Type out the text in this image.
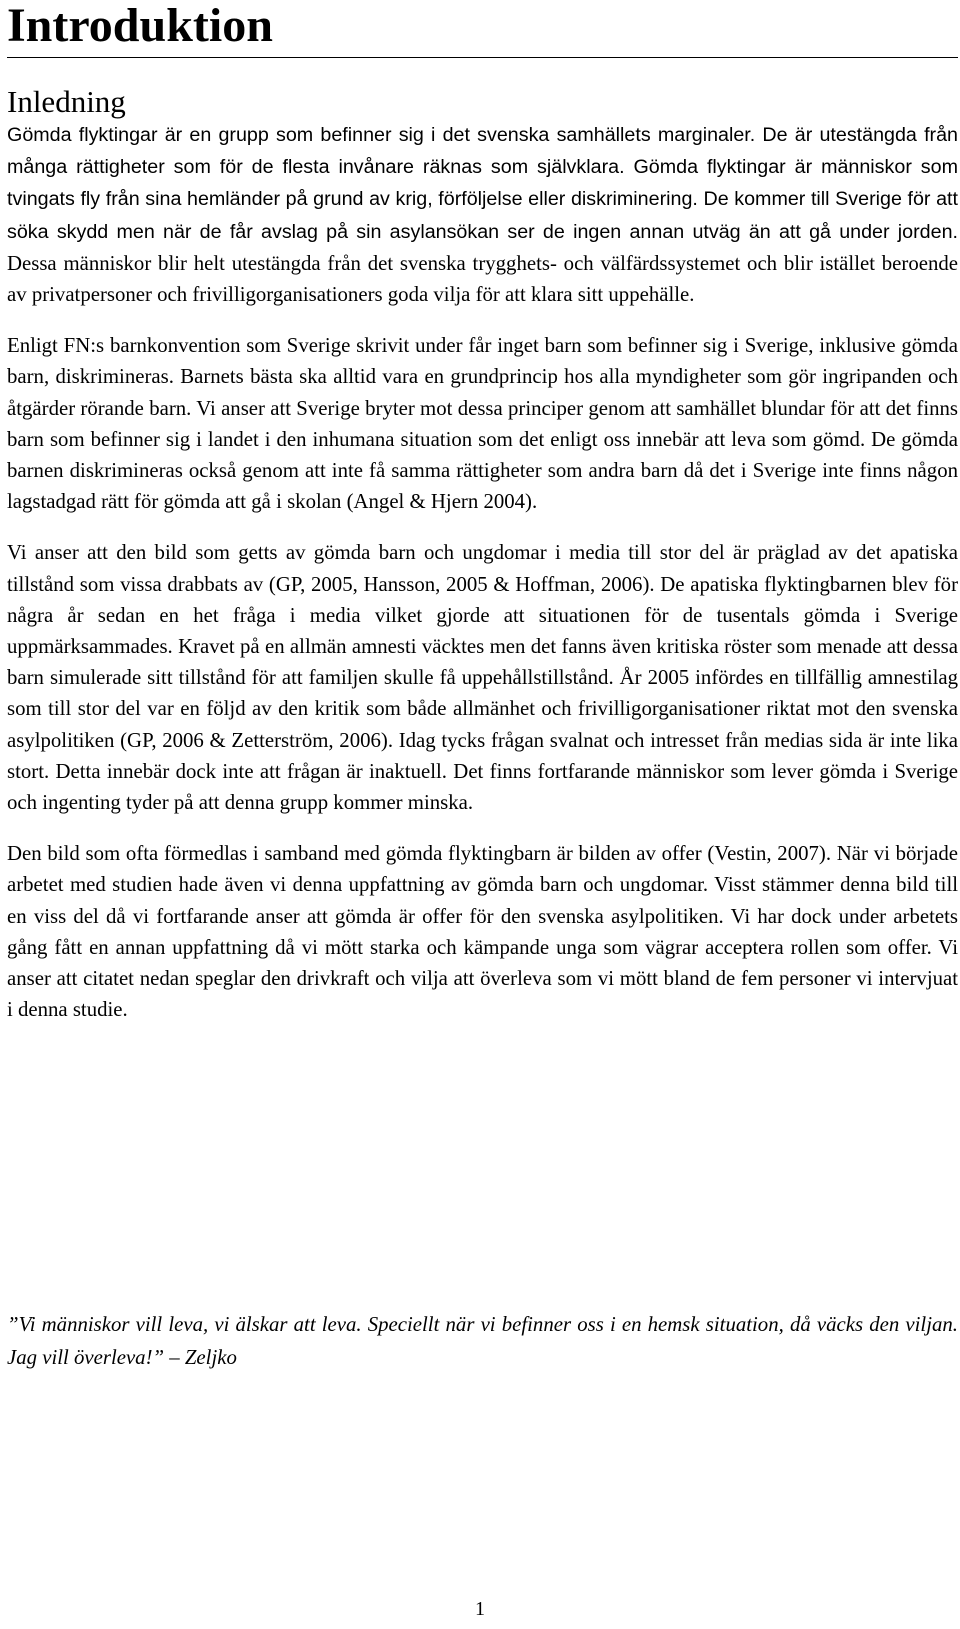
Introduktion
Inledning

Gömda flyktingar är en grupp som befinner sig i det svenska samhällets marginaler. De är utestängda från många rättigheter som för de flesta invånare räknas som självklara. Gömda flyktingar är människor som tvingats fly från sina hemländer på grund av krig, förföljelse eller diskriminering. De kommer till Sverige för att söka skydd men när de får avslag på sin asylansökan ser de ingen annan utväg än att gå under jorden. Dessa människor blir helt utestängda från det svenska trygghets- och välfärdssystemet och blir istället beroende av privatpersoner och frivilligorganisationers goda vilja för att klara sitt uppehälle.

Enligt FN:s barnkonvention som Sverige skrivit under får inget barn som befinner sig i Sverige, inklusive gömda barn, diskrimineras. Barnets bästa ska alltid vara en grundprincip hos alla myndigheter som gör ingripanden och åtgärder rörande barn. Vi anser att Sverige bryter mot dessa principer genom att samhället blundar för att det finns barn som befinner sig i landet i den inhumana situation som det enligt oss innebär att leva som gömd. De gömda barnen diskrimineras också genom att inte få samma rättigheter som andra barn då det i Sverige inte finns någon lagstadgad rätt för gömda att gå i skolan (Angel & Hjern 2004).

Vi anser att den bild som getts av gömda barn och ungdomar i media till stor del är präglad av det apatiska tillstånd som vissa drabbats av (GP, 2005, Hansson, 2005 & Hoffman, 2006). De apatiska flyktingbarnen blev för några år sedan en het fråga i media vilket gjorde att situationen för de tusentals gömda i Sverige uppmärksammades. Kravet på en allmän amnesti väcktes men det fanns även kritiska röster som menade att dessa barn simulerade sitt tillstånd för att familjen skulle få uppehållstillstånd. År 2005 infördes en tillfällig amnestilag som till stor del var en följd av den kritik som både allmänhet och frivilligorganisationer riktat mot den svenska asylpolitiken (GP, 2006 & Zetterström, 2006). Idag tycks frågan svalnat och intresset från medias sida är inte lika stort. Detta innebär dock inte att frågan är inaktuell. Det finns fortfarande människor som lever gömda i Sverige och ingenting tyder på att denna grupp kommer minska.

Den bild som ofta förmedlas i samband med gömda flyktingbarn är bilden av offer (Vestin, 2007). När vi började arbetet med studien hade även vi denna uppfattning av gömda barn och ungdomar. Visst stämmer denna bild till en viss del då vi fortfarande anser att gömda är offer för den svenska asylpolitiken. Vi har dock under arbetets gång fått en annan uppfattning då vi mött starka och kämpande unga som vägrar acceptera rollen som offer. Vi anser att citatet nedan speglar den drivkraft och vilja att överleva som vi mött bland de fem personer vi intervjuat i denna studie.

”Vi människor vill leva, vi älskar att leva. Speciellt när vi befinner oss i en hemsk situation, då väcks den viljan. Jag vill överleva!” – Zeljko
1
